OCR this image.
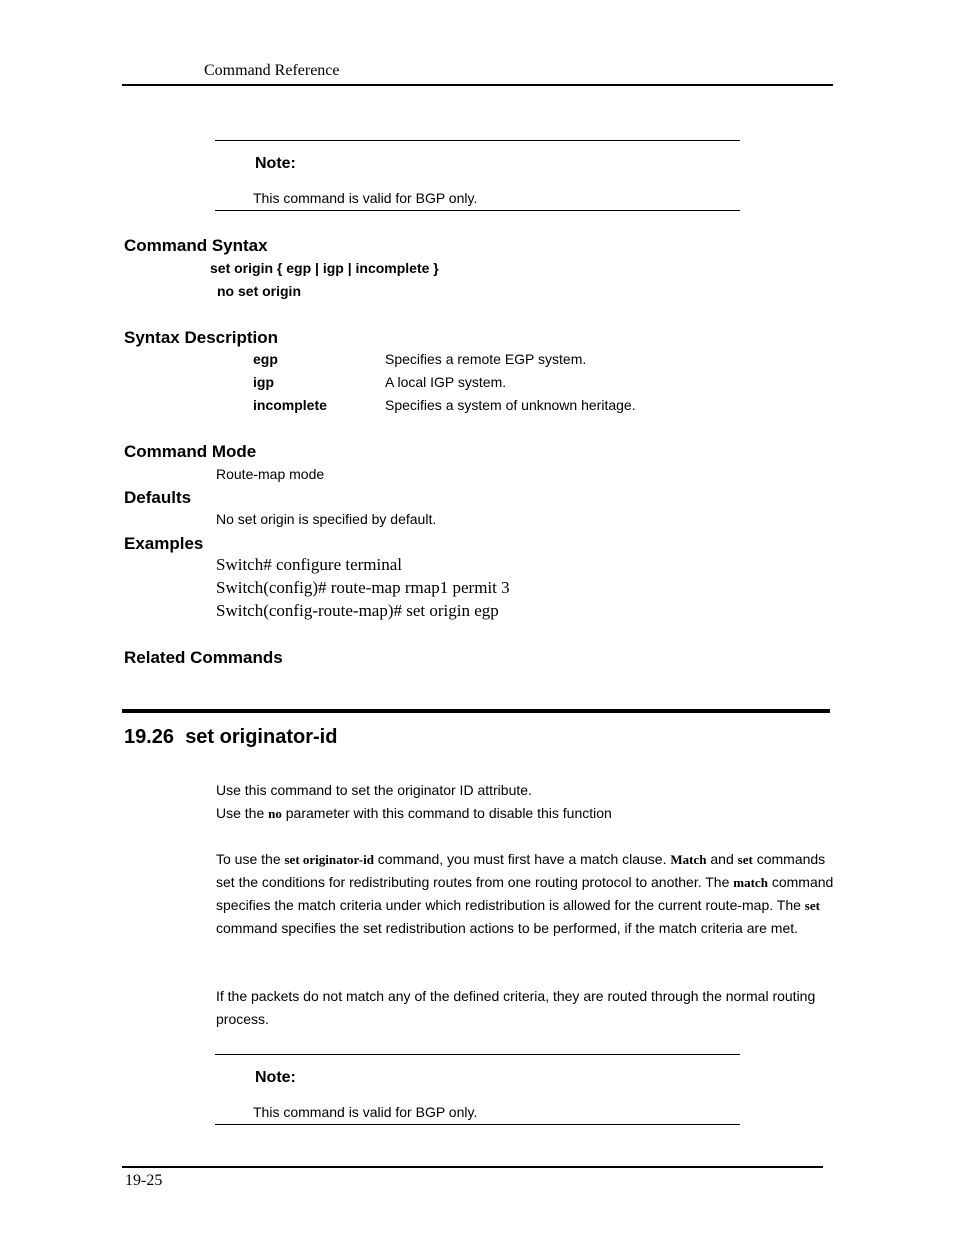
Command Reference
Note:
This command is valid for BGP only.
Command Syntax
set origin { egp | igp | incomplete }
no set origin
Syntax Description
egp	Specifies a remote EGP system.
igp	A local IGP system.
incomplete	Specifies a system of unknown heritage.
Command Mode
Route-map mode
Defaults
No set origin is specified by default.
Examples
Switch# configure terminal
Switch(config)# route-map rmap1 permit 3
Switch(config-route-map)# set origin egp
Related Commands
19.26 set originator-id
Use this command to set the originator ID attribute.
Use the no parameter with this command to disable this function
To use the set originator-id command, you must first have a match clause. Match and set commands set the conditions for redistributing routes from one routing protocol to another. The match command specifies the match criteria under which redistribution is allowed for the current route-map. The set command specifies the set redistribution actions to be performed, if the match criteria are met.
If the packets do not match any of the defined criteria, they are routed through the normal routing process.
Note:
This command is valid for BGP only.
19-25
